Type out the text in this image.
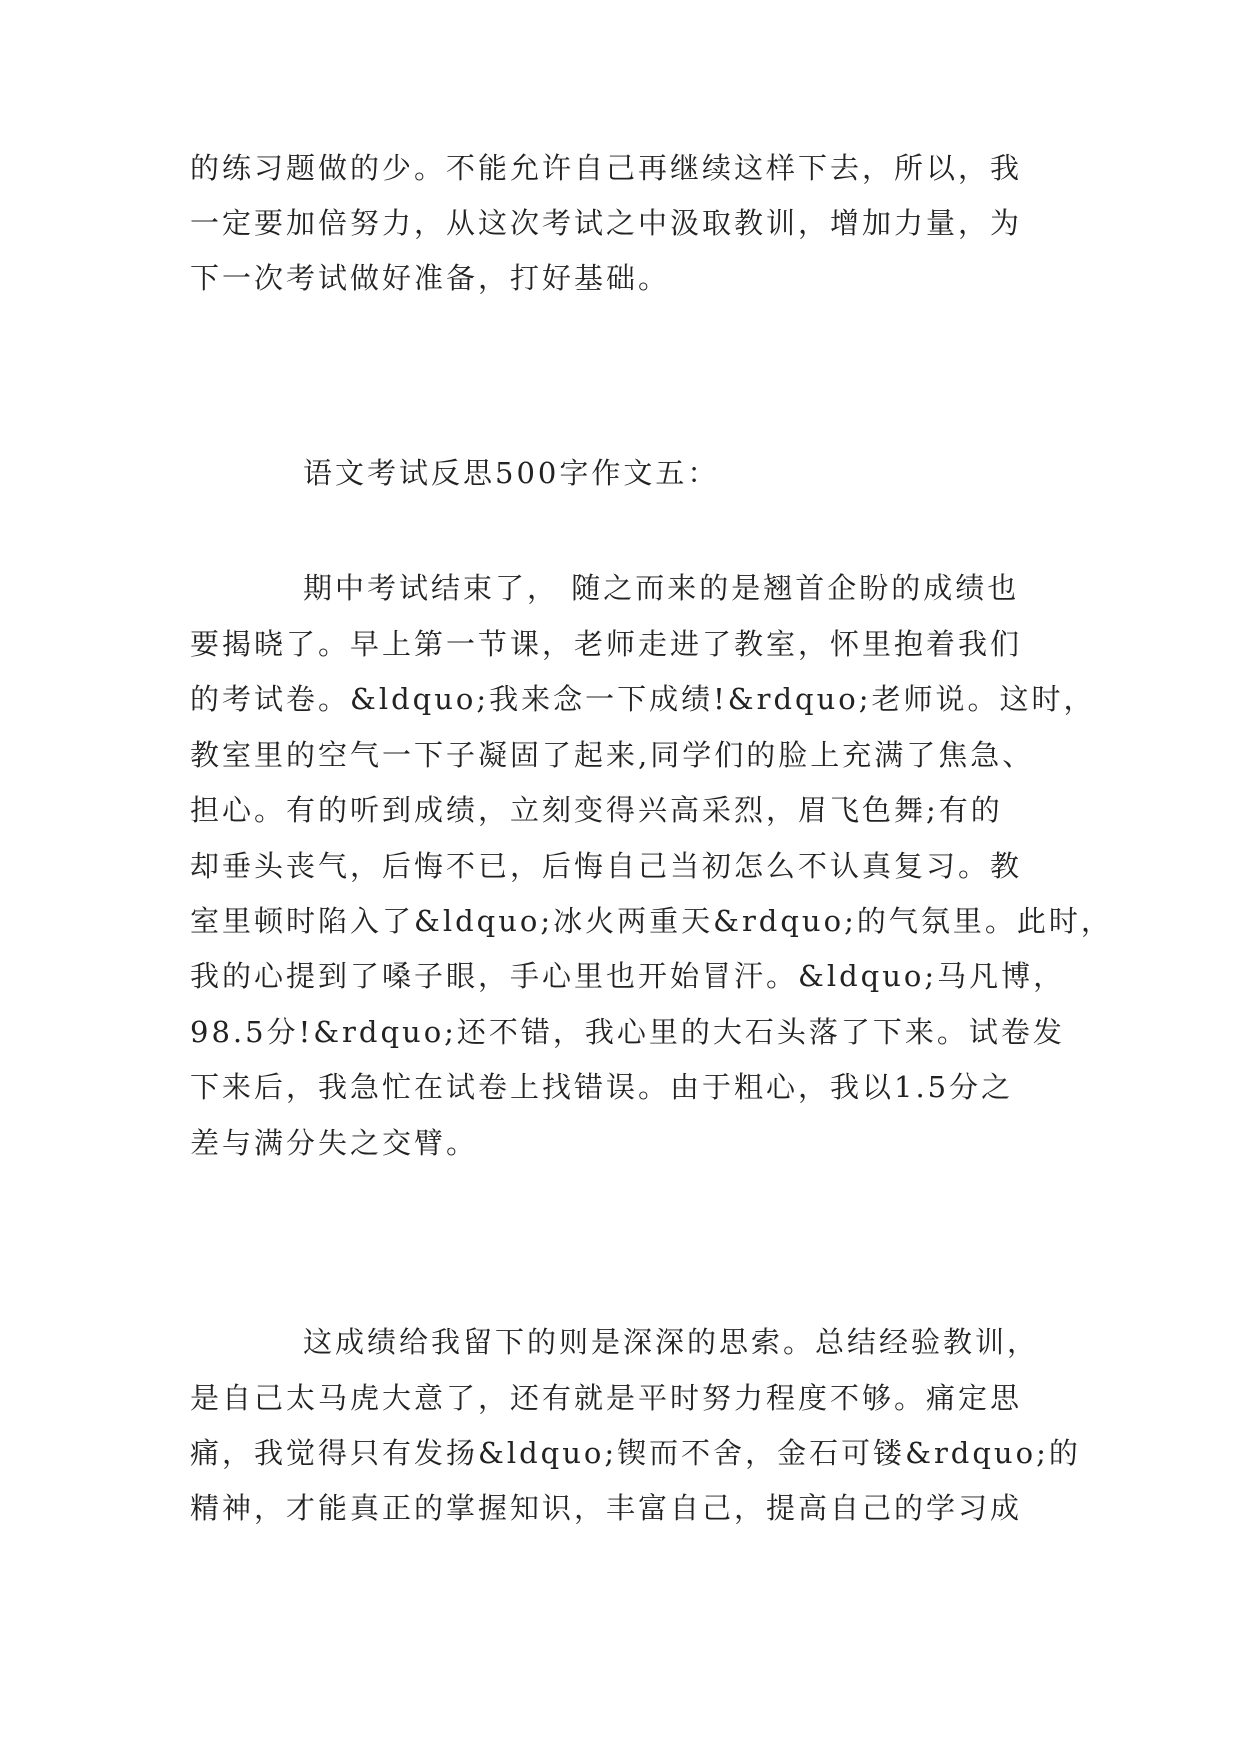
的练习题做的少。不能允许自己再继续这样下去，所以，我
一定要加倍努力，从这次考试之中汲取教训，增加力量，为
下一次考试做好准备，打好基础。
语文考试反思500字作文五：
期中考试结束了， 随之而来的是翘首企盼的成绩也
要揭晓了。早上第一节课，老师走进了教室，怀里抱着我们
的考试卷。&ldquo;我来念一下成绩!&rdquo;老师说。这时，
教室里的空气一下子凝固了起来,同学们的脸上充满了焦急、
担心。有的听到成绩，立刻变得兴高采烈，眉飞色舞;有的
却垂头丧气，后悔不已，后悔自己当初怎么不认真复习。教
室里顿时陷入了&ldquo;冰火两重天&rdquo;的气氛里。此时，
我的心提到了嗓子眼，手心里也开始冒汗。&ldquo;马凡博，
98.5分!&rdquo;还不错，我心里的大石头落了下来。试卷发
下来后，我急忙在试卷上找错误。由于粗心，我以1.5分之
差与满分失之交臂。
这成绩给我留下的则是深深的思索。总结经验教训，
是自己太马虎大意了，还有就是平时努力程度不够。痛定思
痛，我觉得只有发扬&ldquo;锲而不舍，金石可镂&rdquo;的
精神，才能真正的掌握知识，丰富自己，提高自己的学习成
